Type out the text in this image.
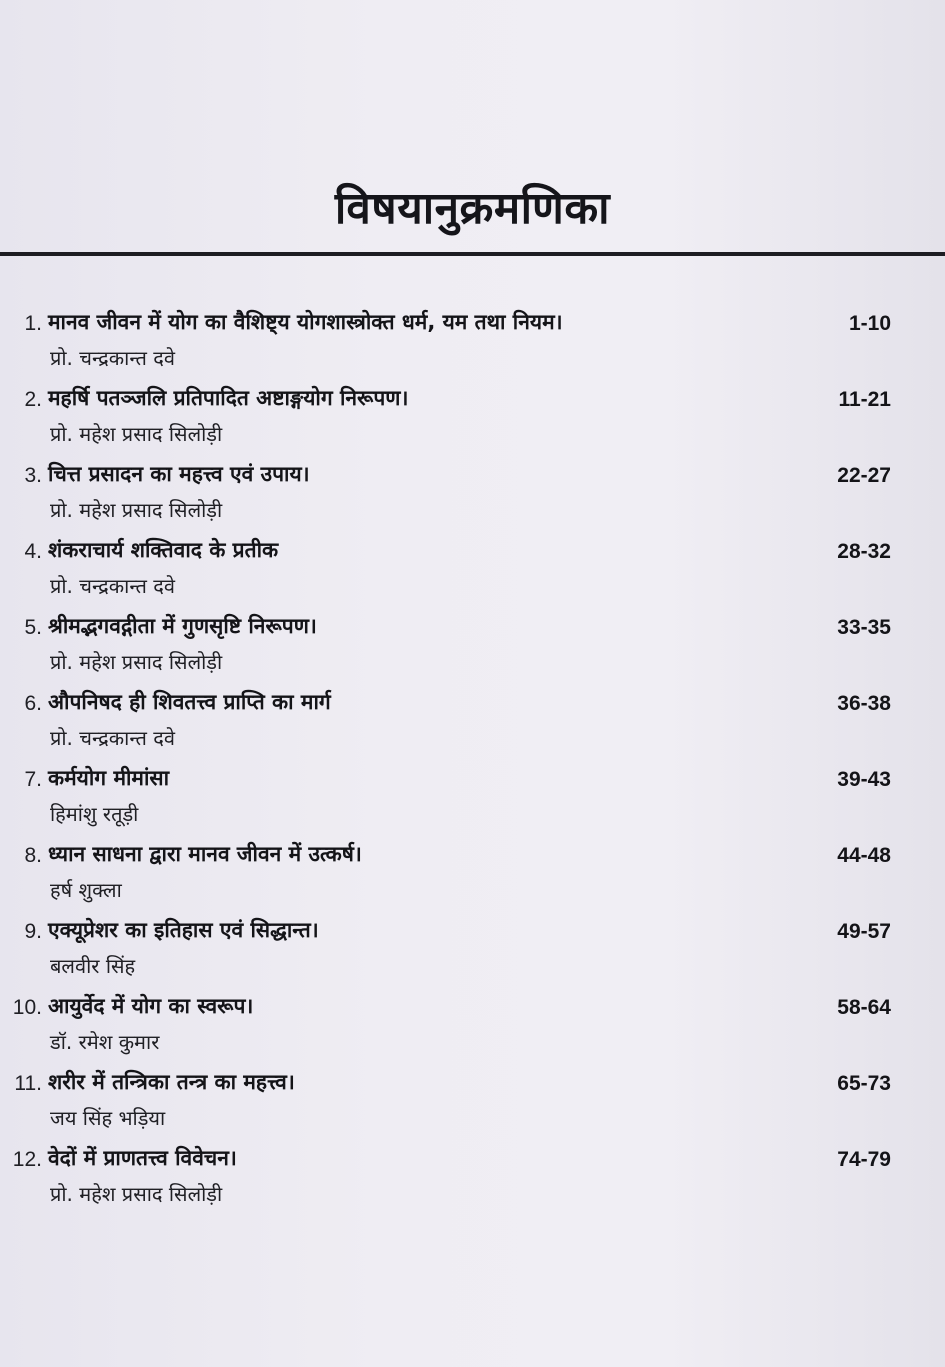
विषयानुक्रमणिका
1. मानव जीवन में योग का वैशिष्ट्य योगशास्त्रोक्त धर्म, यम तथा नियम।
प्रो. चन्द्रकान्त दवे
1-10
2. महर्षि पतञ्जलि प्रतिपादित अष्टाङ्गयोग निरूपण।
प्रो. महेश प्रसाद सिलोड़ी
11-21
3. चित्त प्रसादन का महत्त्व एवं उपाय।
प्रो. महेश प्रसाद सिलोड़ी
22-27
4. शंकराचार्य शक्तिवाद के प्रतीक
प्रो. चन्द्रकान्त दवे
28-32
5. श्रीमद्भगवद्गीता में गुणसृष्टि निरूपण।
प्रो. महेश प्रसाद सिलोड़ी
33-35
6. औपनिषद ही शिवतत्त्व प्राप्ति का मार्ग
प्रो. चन्द्रकान्त दवे
36-38
7. कर्मयोग मीमांसा
हिमांशु रतूड़ी
39-43
8. ध्यान साधना द्वारा मानव जीवन में उत्कर्ष।
हर्ष शुक्ला
44-48
9. एक्यूप्रेशर का इतिहास एवं सिद्धान्त।
बलवीर सिंह
49-57
10. आयुर्वेद में योग का स्वरूप।
डॉ. रमेश कुमार
58-64
11. शरीर में तन्त्रिका तन्त्र का महत्त्व।
जय सिंह भड़िया
65-73
12. वेदों में प्राणतत्त्व विवेचन।
प्रो. महेश प्रसाद सिलोड़ी
74-79
